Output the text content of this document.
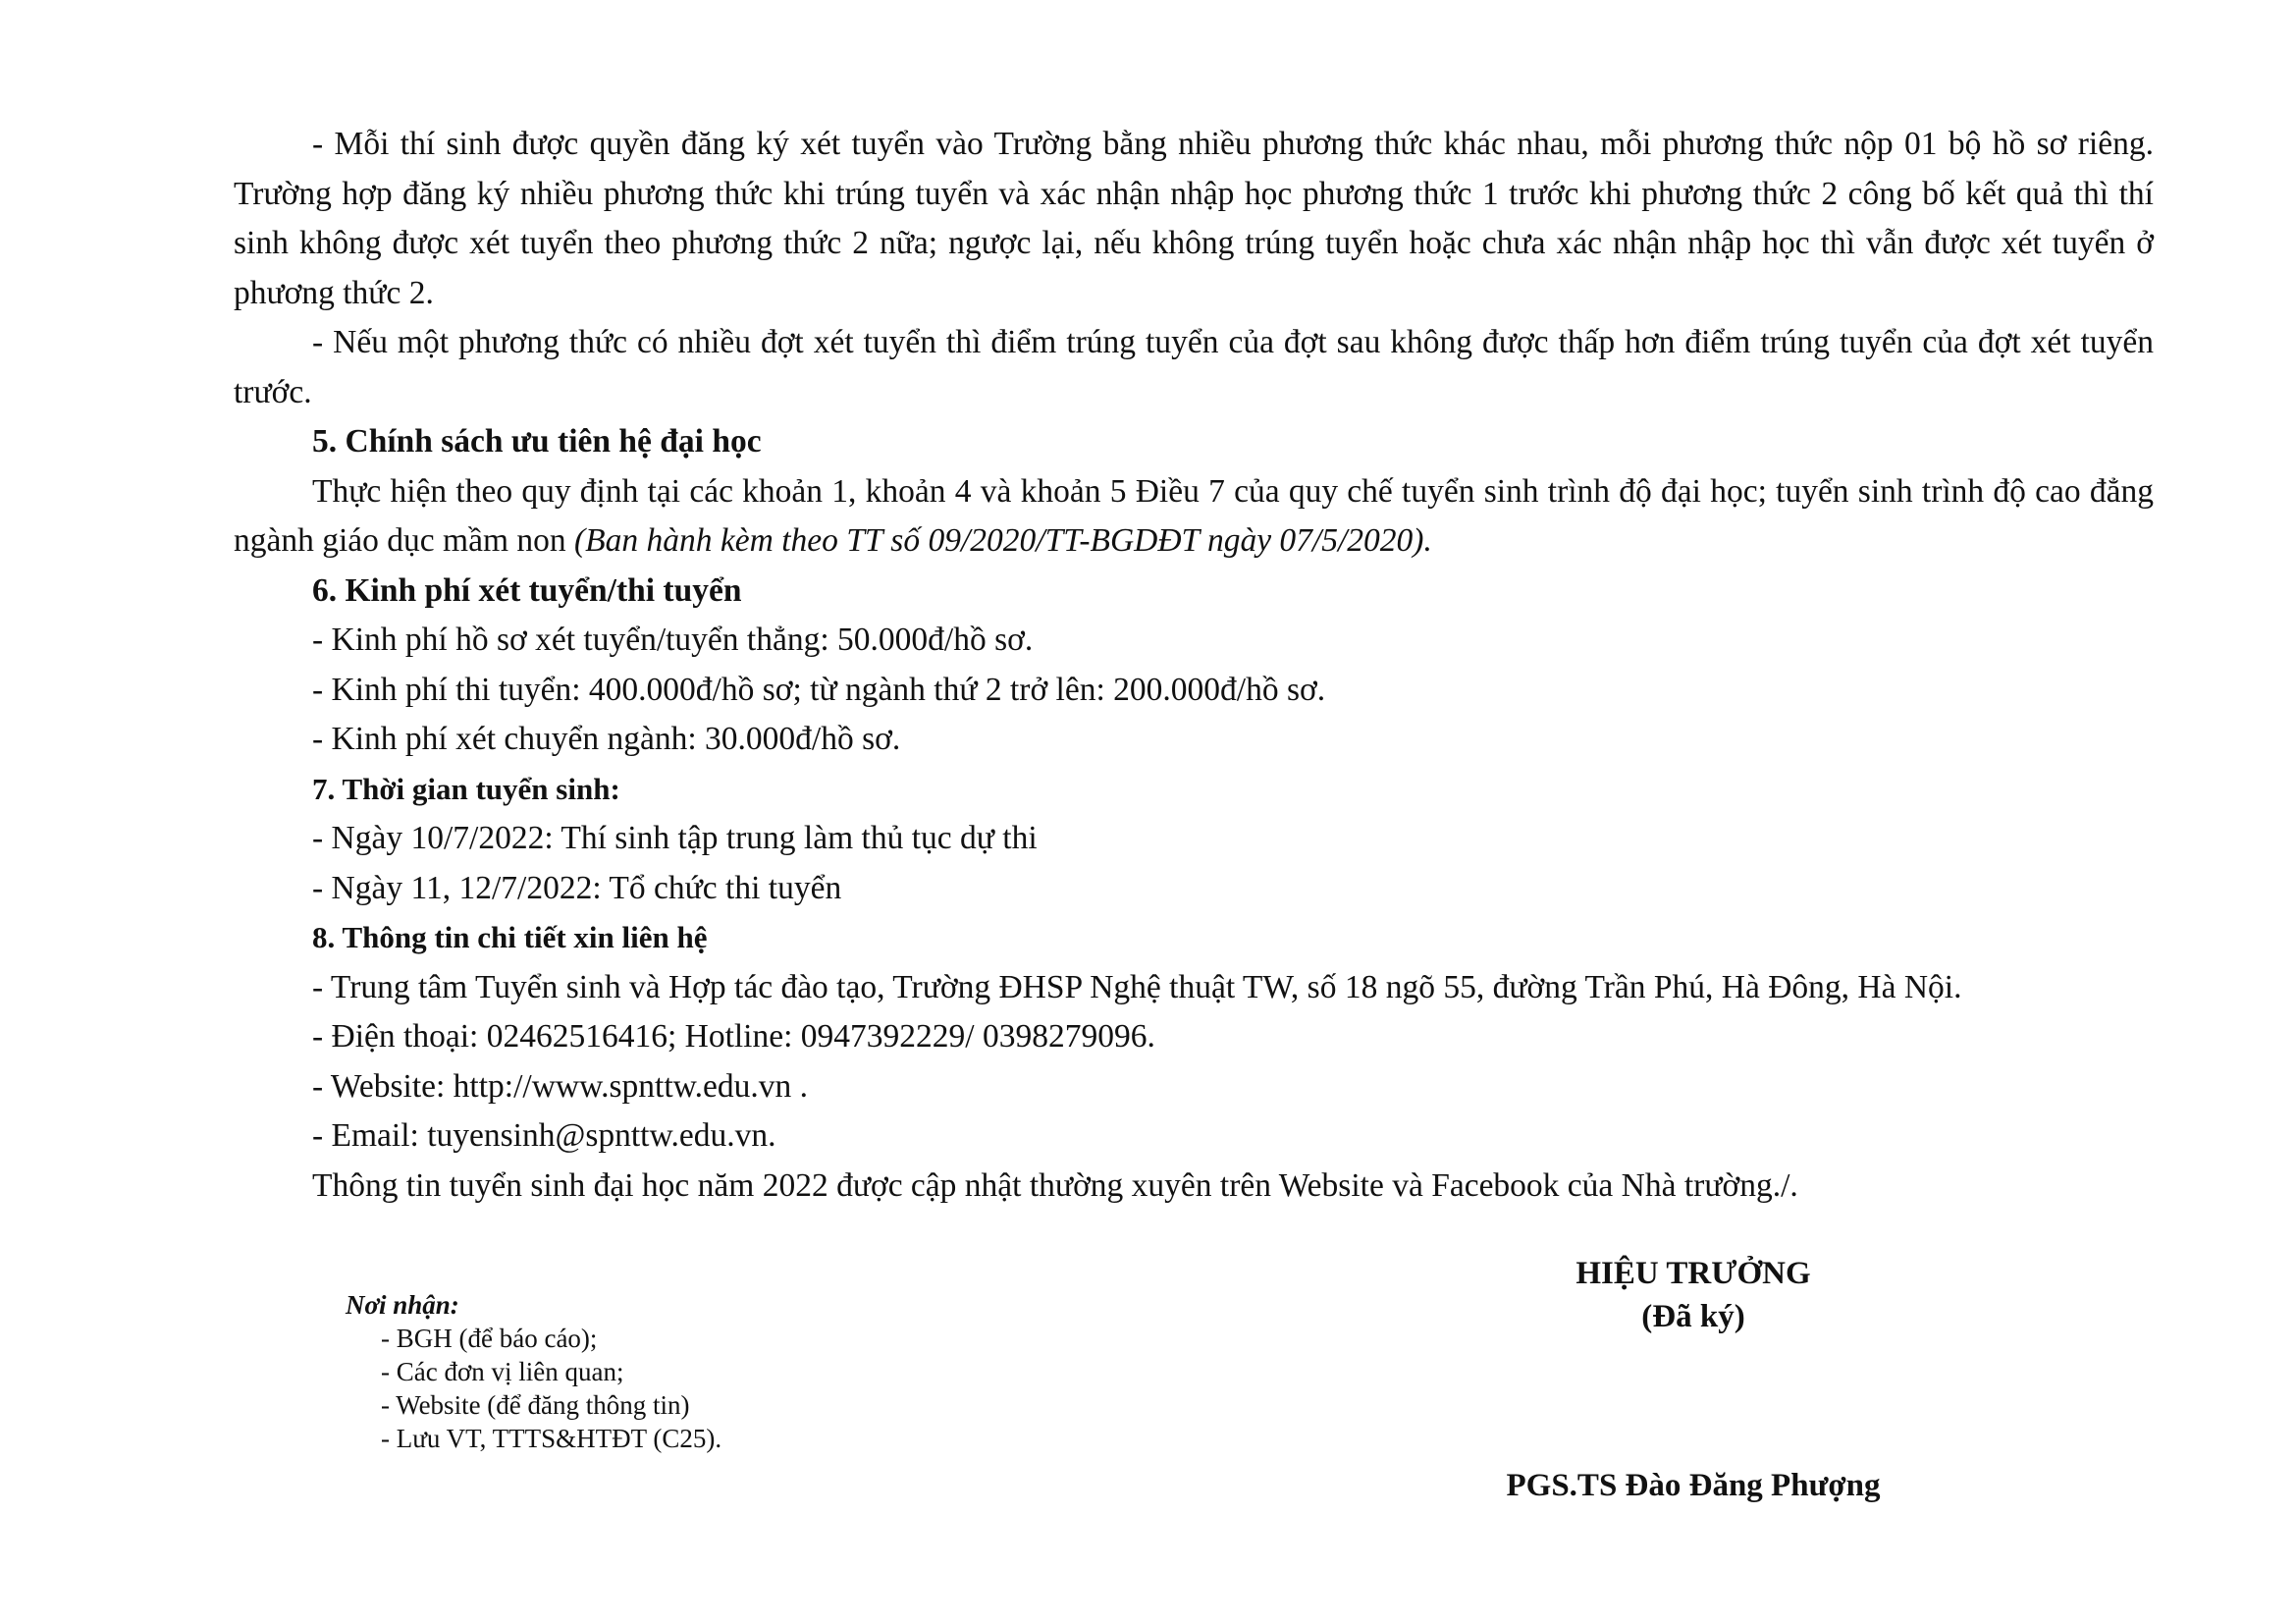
- Mỗi thí sinh được quyền đăng ký xét tuyển vào Trường bằng nhiều phương thức khác nhau, mỗi phương thức nộp 01 bộ hồ sơ riêng. Trường hợp đăng ký nhiều phương thức khi trúng tuyển và xác nhận nhập học phương thức 1 trước khi phương thức 2 công bố kết quả thì thí sinh không được xét tuyển theo phương thức 2 nữa; ngược lại, nếu không trúng tuyển hoặc chưa xác nhận nhập học thì vẫn được xét tuyển ở phương thức 2.

- Nếu một phương thức có nhiều đợt xét tuyển thì điểm trúng tuyển của đợt sau không được thấp hơn điểm trúng tuyển của đợt xét tuyển trước.

5. Chính sách ưu tiên hệ đại học

Thực hiện theo quy định tại các khoản 1, khoản 4 và khoản 5 Điều 7 của quy chế tuyển sinh trình độ đại học; tuyển sinh trình độ cao đẳng ngành giáo dục mầm non (Ban hành kèm theo TT số 09/2020/TT-BGDĐT ngày 07/5/2020).

6. Kinh phí xét tuyển/thi tuyển

- Kinh phí hồ sơ xét tuyển/tuyển thẳng: 50.000đ/hồ sơ.

- Kinh phí thi tuyển: 400.000đ/hồ sơ; từ ngành thứ 2 trở lên: 200.000đ/hồ sơ.

- Kinh phí xét chuyển ngành: 30.000đ/hồ sơ.

7. Thời gian tuyển sinh:

- Ngày 10/7/2022: Thí sinh tập trung làm thủ tục dự thi

- Ngày 11, 12/7/2022: Tổ chức thi tuyển

8. Thông tin chi tiết xin liên hệ

- Trung tâm Tuyển sinh và Hợp tác đào tạo, Trường ĐHSP Nghệ thuật TW, số 18 ngõ 55, đường Trần Phú, Hà Đông, Hà Nội.

- Điện thoại: 02462516416; Hotline: 0947392229/ 0398279096.

- Website: http://www.spnttw.edu.vn .

- Email: tuyensinh@spnttw.edu.vn.

Thông tin tuyển sinh đại học năm 2022 được cập nhật thường xuyên trên Website và Facebook của Nhà trường./.

Nơi nhận:

- BGH (để báo cáo);
- Các đơn vị liên quan;
- Website (để đăng thông tin)
- Lưu VT, TTTS&HTĐT (C25).
HIỆU TRƯỞNG
(Đã ký)
PGS.TS Đào Đăng Phượng
